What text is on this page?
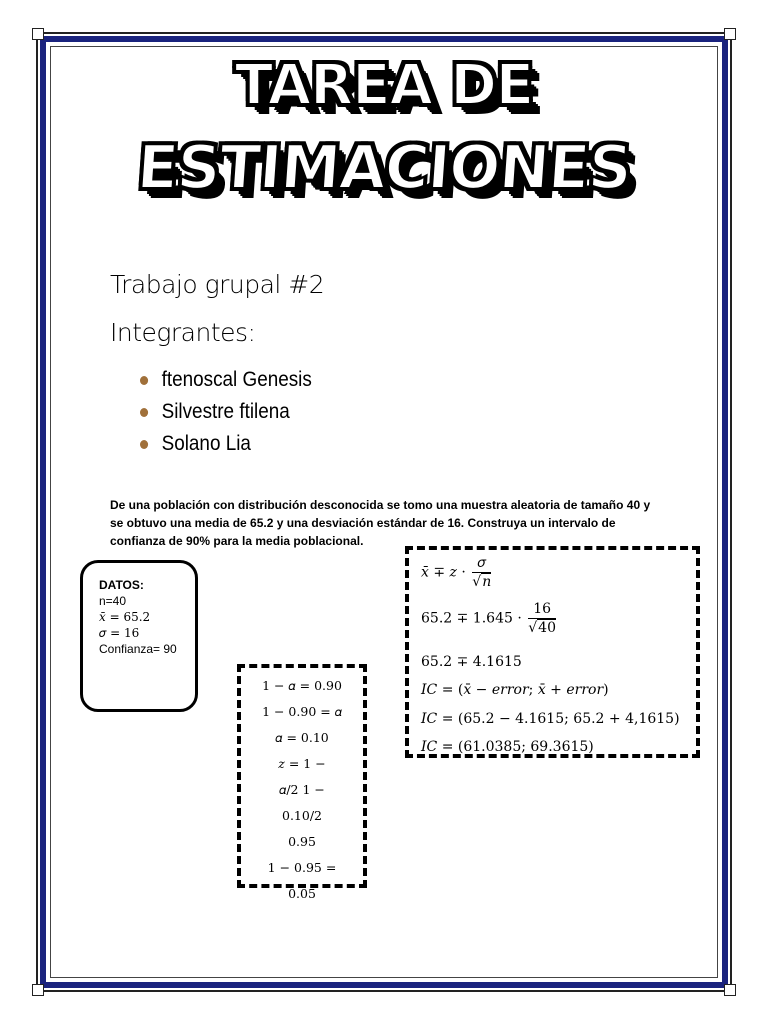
TAREA DE
ESTIMACIONES
Trabajo grupal #2
Integrantes:
ftenoscal Genesis
Silvestre ftilena
Solano Lia
De una población con distribución desconocida se tomo una muestra aleatoria de tamaño 40 y se obtuvo una media de 65.2 y una desviación estándar de 16. Construya un intervalo de confianza de 90% para la media poblacional.
DATOS:
n=40
𝑥̄ = 65.2
𝜎 = 16
Confianza= 90
1 − 𝛼 = 0.90
1 − 0.90 = 𝛼
𝛼 = 0.10
𝑧 = 1 −
𝛼/2 1 −
0.10/2
0.95
1 − 0.95 =
0.05
𝑥̄ ∓ 𝑧 · $\frac{\text{𝜎}}{\text{√𝑛}}$
$65.2 \mp 1.645 \cdot \frac{16}{√40}$
65.2 ∓ 4.1615
𝐼𝐶 = (𝑥̄ − 𝑒𝑟𝑟𝑜𝑟; 𝑥̄ + 𝑒𝑟𝑟𝑜𝑟)
𝐼𝐶 = (65.2 − 4.1615; 65.2 + 4,1615)
𝐼𝐶 = (61.0385; 69.3615)
